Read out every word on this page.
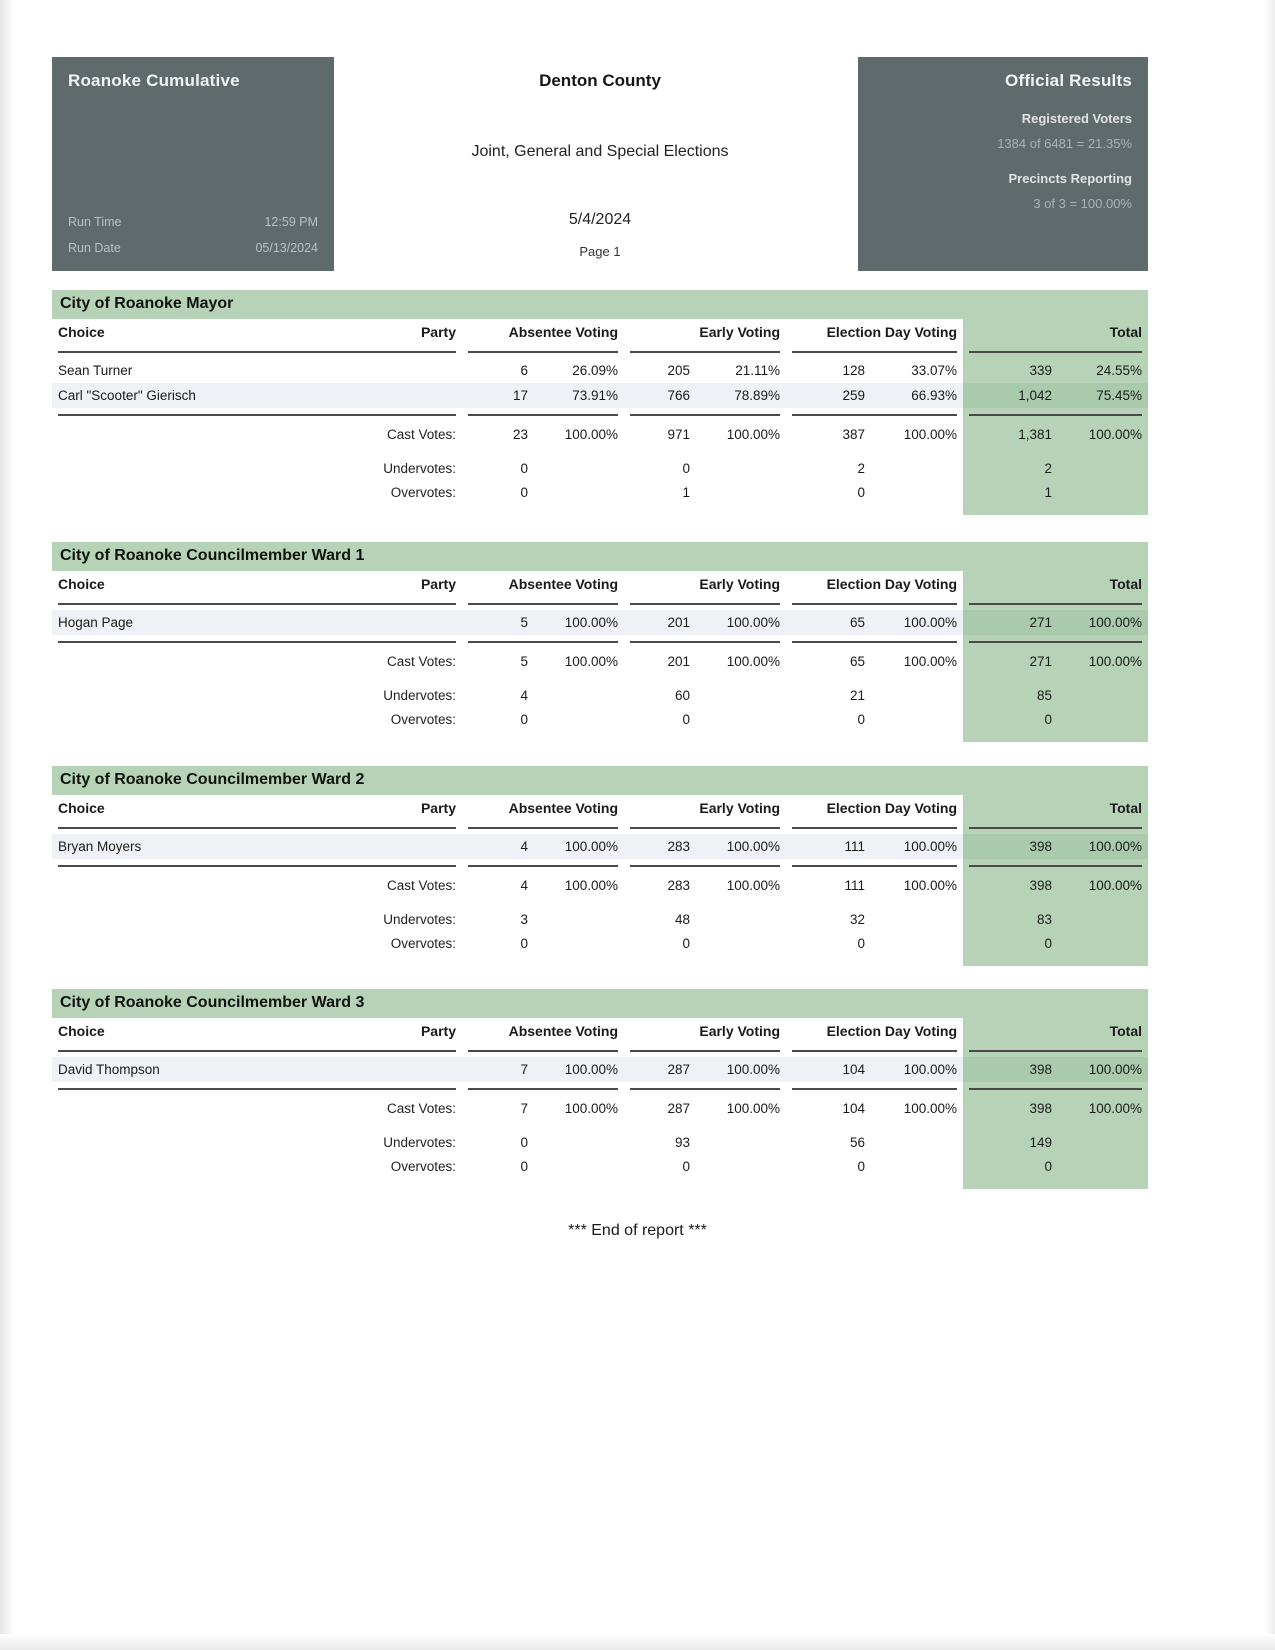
Roanoke Cumulative
Run Time	12:59 PM
Run Date	05/13/2024
Denton County
Joint, General and Special Elections
5/4/2024
Page 1
Official Results
Registered Voters
1384 of 6481 = 21.35%
Precincts Reporting
3 of 3 = 100.00%
City of Roanoke Mayor
Choice	Party	Absentee Voting		Early Voting		Election Day Voting		Total	

Sean Turner		6	26.09%	205	21.11%	128	33.07%	339	24.55%
Carl "Scooter" Gierisch		17	73.91%	766	78.89%	259	66.93%	1,042	75.45%

	Cast Votes:	23	100.00%	971	100.00%	387	100.00%	1,381	100.00%

	Undervotes:	0		0		2		2	
	Overvotes:	0		1		0		1	

City of Roanoke Councilmember Ward 1
Choice	Party	Absentee Voting		Early Voting		Election Day Voting		Total	

Hogan Page		5	100.00%	201	100.00%	65	100.00%	271	100.00%

	Cast Votes:	5	100.00%	201	100.00%	65	100.00%	271	100.00%

	Undervotes:	4		60		21		85	
	Overvotes:	0		0		0		0	

City of Roanoke Councilmember Ward 2
Choice	Party	Absentee Voting		Early Voting		Election Day Voting		Total	

Bryan Moyers		4	100.00%	283	100.00%	111	100.00%	398	100.00%

	Cast Votes:	4	100.00%	283	100.00%	111	100.00%	398	100.00%

	Undervotes:	3		48		32		83	
	Overvotes:	0		0		0		0	

City of Roanoke Councilmember Ward 3
Choice	Party	Absentee Voting		Early Voting		Election Day Voting		Total	

David Thompson		7	100.00%	287	100.00%	104	100.00%	398	100.00%

	Cast Votes:	7	100.00%	287	100.00%	104	100.00%	398	100.00%

	Undervotes:	0		93		56		149	
	Overvotes:	0		0		0		0	

*** End of report ***
